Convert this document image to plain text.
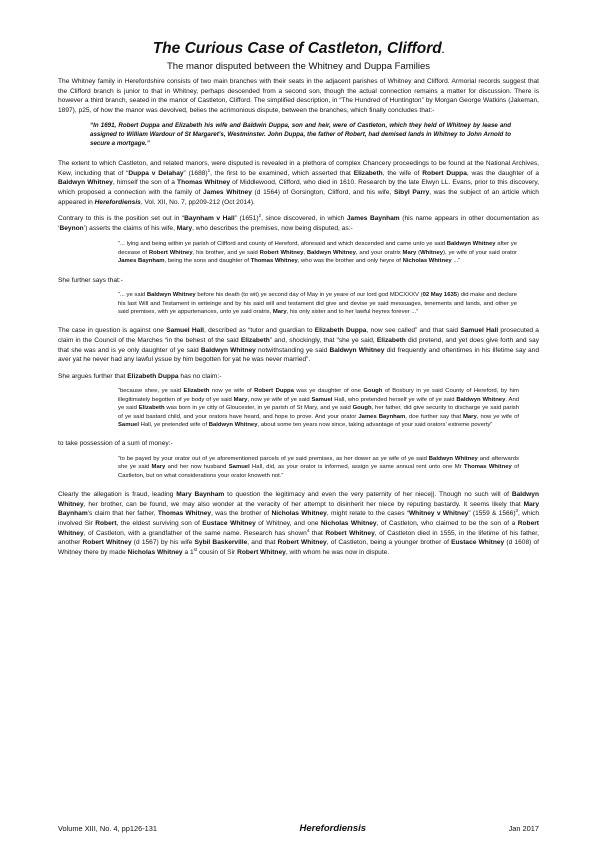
The Curious Case of Castleton, Clifford.
The manor disputed between the Whitney and Duppa Families

The Whitney family in Herefordshire consists of two main branches with their seats in the adjacent parishes of Whitney and Clifford. Armorial records suggest that the Clifford branch is junior to that in Whitney, perhaps descended from a second son, though the actual connection remains a matter for discussion. There is however a third branch, seated in the manor of Castleton, Clifford. The simplified description, in “The Hundred of Huntington” by Morgan George Watkins (Jakeman, 1897), p25, of how the manor was devolved, belies the acrimonious dispute, between the branches, which finally concludes that:-

“In 1691, Robert Duppa and Elizabeth his wife and Baldwin Duppa, son and heir, were of Castleton, which they held of Whitney by lease and assigned to William Wardour of St Margaret’s, Westminster. John Duppa, the father of Robert, had demised lands in Whitney to John Arnold to secure a mortgage.”

The extent to which Castleton, and related manors, were disputed is revealed in a plethora of complex Chancery proceedings to be found at the National Archives, Kew, including that of “Duppa v Delahay” $(1688)^1$, the first to be examined, which asserted that Elizabeth, the wife of Robert Duppa, was the daughter of a Baldwyn Whitney, himself the son of a Thomas Whitney of Middlewood, Clifford, who died in 1610. Research by the late Elwyn LL. Evans, prior to this discovery, which proposed a connection with the family of James Whitney (d 1564) of Gorsington, Clifford, and his wife, Sibyl Parry, was the subject of an article which appeared in Herefordiensis, Vol. XII, No. 7, pp209-212 (Oct 2014).

Contrary to this is the position set out in “Baynham v Hall” $(1651)^2$, since discovered, in which James Baynham (his name appears in other documentation as ‘Beynon’) asserts the claims of his wife, Mary, who describes the premises, now being disputed, as:-

“... lying and being within ye parish of Clifford and county of Hereford, aforesaid and which descended and came unto ye said Baldwyn Whitney after ye decease of Robert Whitney, his brother, and ye said Robert Whitney, Baldwyn Whitney, and your oratrix Mary (Whitney), ye wife of your said orator James Baynham, being the sons and daughter of Thomas Whitney, who was the brother and only heyre of Nicholas Whitney ...”

She further says that:-

“... ye said Baldwyn Whitney before his death (to wit) ye second day of May in ye yeare of our lord god MDCXXXV (02 May 1635) did make and declare his last Will and Testament in writeinge and by his said will and testament did give and devise ye said messuages, tenements and lands, and other ye said premises, with ye appurtenances, unto ye said oratrix, Mary, his only sister and to her lawful heyres forever ...”

The case in question is against one Samuel Hall, described as “tutor and guardian to Elizabeth Duppa, now see called” and that said Samuel Hall prosecuted a claim in the Council of the Marches “in the behest of the said Elizabeth” and, shockingly, that “she ye said, Elizabeth did pretend, and yet does give forth and say that she was and is ye only daughter of ye said Baldwyn Whitney notwithstanding ye said Baldwyn Whitney did frequently and oftentimes in his lifetime say and aver yat he never had any lawful yssue by him begotten for yat he was never married”.

She argues further that Elizabeth Duppa has no claim:-

“because shee, ye said Elizabeth now ye wife of Robert Duppa was ye daughter of one Gough of Bosbury in ye said County of Hereford, by him illegitimately begotten of ye body of ye said Mary, now ye wife of ye said Samuel Hall, who pretended herself ye wife of ye said Baldwyn Whitney. And ye said Elizabeth was born in ye citty of Gloucester, in ye parish of St Mary, and ye said Gough, her father, did give security to discharge ye said parish of ye said bastard child, and your orators have heard, and hope to prove. And your orator James Baynham, doe further say that Mary, now ye wife of Samuel Hall, ye pretended wife of Baldwyn Whitney, about some ten years now since, taking advantage of your said orators’ extreme poverty”

to take possession of a sum of money:-

“to be payed by your orator out of ye aforementioned parcels of ye said premises, as her dower as ye wife of ye said Baldwyn Whitney and afterwards she ye said Mary and her now husband Samuel Hall, did, as your orator is informed, assign ye same annual rent unto one Mr Thomas Whitney of Castleton, but on what considerations your orator knoweth not.”

Clearly the allegation is fraud, leading Mary Baynham to question the legitimacy and even the very paternity of her niece||. Though no such will of Baldwyn Whitney, her brother, can be found, we may also wonder at the veracity of her attempt to disinherit her niece by reputing bastardy. It seems likely that Mary Baynham’s claim that her father, Thomas Whitney, was the brother of Nicholas Whitney, might relate to the cases “Whitney v Whitney” (1559 & 1566)$^3$, which involved Sir Robert, the eldest surviving son of Eustace Whitney of Whitney, and one Nicholas Whitney, of Castleton, who claimed to be the son of a Robert Whitney, of Castleton, with a grandfather of the same name. Research has shown$^4$ that Robert Whitney, of Castleton died in 1555, in the lifetime of his father, another Robert Whitney (d 1567) by his wife Sybil Baskerville, and that Robert Whitney, of Castleton, being a younger brother of Eustace Whitney (d 1608) of Whitney there by made Nicholas Whitney a 1st cousin of Sir Robert Whitney, with whom he was now in dispute.

Volume XIII, No. 4, pp126-131	Herefordiensis	Jan 2017
